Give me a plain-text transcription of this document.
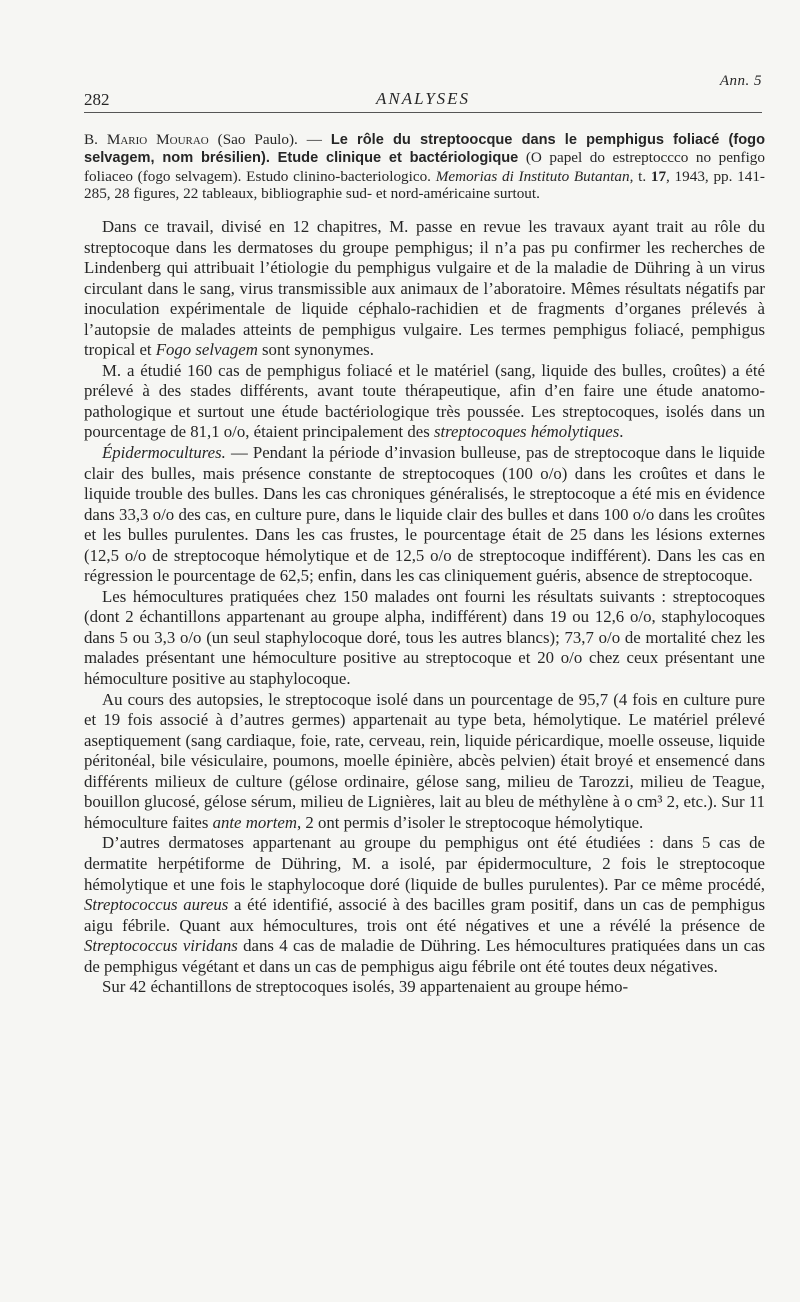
Ann. 5
282	ANALYSES
B. Mario Mourao (Sao Paulo). — Le rôle du streptoocque dans le pemphigus foliacé (fogo selvagem, nom brésilien). Etude clinique et bactériologique (O papel do estreptoccco no penfigo foliaceo (fogo selvagem). Estudo clinino-bacteriologico. Memorias di Instituto Butantan, t. 17, 1943, pp. 141-285, 28 figures, 22 tableaux, bibliographie sud- et nord-américaine surtout.

Dans ce travail, divisé en 12 chapitres, M. passe en revue les travaux ayant trait au rôle du streptocoque dans les dermatoses du groupe pemphigus; il n’a pas pu confirmer les recherches de Lindenberg qui attribuait l’étiologie du pemphigus vulgaire et de la maladie de Dühring à un virus circulant dans le sang, virus transmissible aux animaux de l’aboratoire. Mêmes résultats négatifs par inoculation expérimentale de liquide céphalo-rachidien et de fragments d’organes prélevés à l’autopsie de malades atteints de pemphigus vulgaire. Les termes pemphigus foliacé, pemphigus tropical et Fogo selvagem sont synonymes.

M. a étudié 160 cas de pemphigus foliacé et le matériel (sang, liquide des bulles, croûtes) a été prélevé à des stades différents, avant toute thérapeutique, afin d’en faire une étude anatomo-pathologique et surtout une étude bactériologique très poussée. Les streptocoques, isolés dans un pourcentage de 81,1 o/o, étaient principalement des streptocoques hémolytiques.

Épidermocultures. — Pendant la période d’invasion bulleuse, pas de streptocoque dans le liquide clair des bulles, mais présence constante de streptocoques (100 o/o) dans les croûtes et dans le liquide trouble des bulles. Dans les cas chroniques généralisés, le streptocoque a été mis en évidence dans 33,3 o/o des cas, en culture pure, dans le liquide clair des bulles et dans 100 o/o dans les croûtes et les bulles purulentes. Dans les cas frustes, le pourcentage était de 25 dans les lésions externes (12,5 o/o de streptocoque hémolytique et de 12,5 o/o de streptocoque indifférent). Dans les cas en régression le pourcentage de 62,5; enfin, dans les cas cliniquement guéris, absence de streptocoque.

Les hémocultures pratiquées chez 150 malades ont fourni les résultats suivants : streptocoques (dont 2 échantillons appartenant au groupe alpha, indifférent) dans 19 ou 12,6 o/o, staphylocoques dans 5 ou 3,3 o/o (un seul staphylocoque doré, tous les autres blancs); 73,7 o/o de mortalité chez les malades présentant une hémoculture positive au streptocoque et 20 o/o chez ceux présentant une hémoculture positive au staphylocoque.

Au cours des autopsies, le streptocoque isolé dans un pourcentage de 95,7 (4 fois en culture pure et 19 fois associé à d’autres germes) appartenait au type beta, hémolytique. Le matériel prélevé aseptiquement (sang cardiaque, foie, rate, cerveau, rein, liquide péricardique, moelle osseuse, liquide péritonéal, bile vésiculaire, poumons, moelle épinière, abcès pelvien) était broyé et ensemencé dans différents milieux de culture (gélose ordinaire, gélose sang, milieu de Tarozzi, milieu de Teague, bouillon glucosé, gélose sérum, milieu de Lignières, lait au bleu de méthylène à o cm³ 2, etc.). Sur 11 hémoculture faites ante mortem, 2 ont permis d’isoler le streptocoque hémolytique.

D’autres dermatoses appartenant au groupe du pemphigus ont été étudiées : dans 5 cas de dermatite herpétiforme de Dühring, M. a isolé, par épidermoculture, 2 fois le streptocoque hémolytique et une fois le staphylocoque doré (liquide de bulles purulentes). Par ce même procédé, Streptococcus aureus a été identifié, associé à des bacilles gram positif, dans un cas de pemphigus aigu fébrile. Quant aux hémocultures, trois ont été négatives et une a révélé la présence de Streptococcus viridans dans 4 cas de maladie de Dühring. Les hémocultures pratiquées dans un cas de pemphigus végétant et dans un cas de pemphigus aigu fébrile ont été toutes deux négatives.

Sur 42 échantillons de streptocoques isolés, 39 appartenaient au groupe hémo-
